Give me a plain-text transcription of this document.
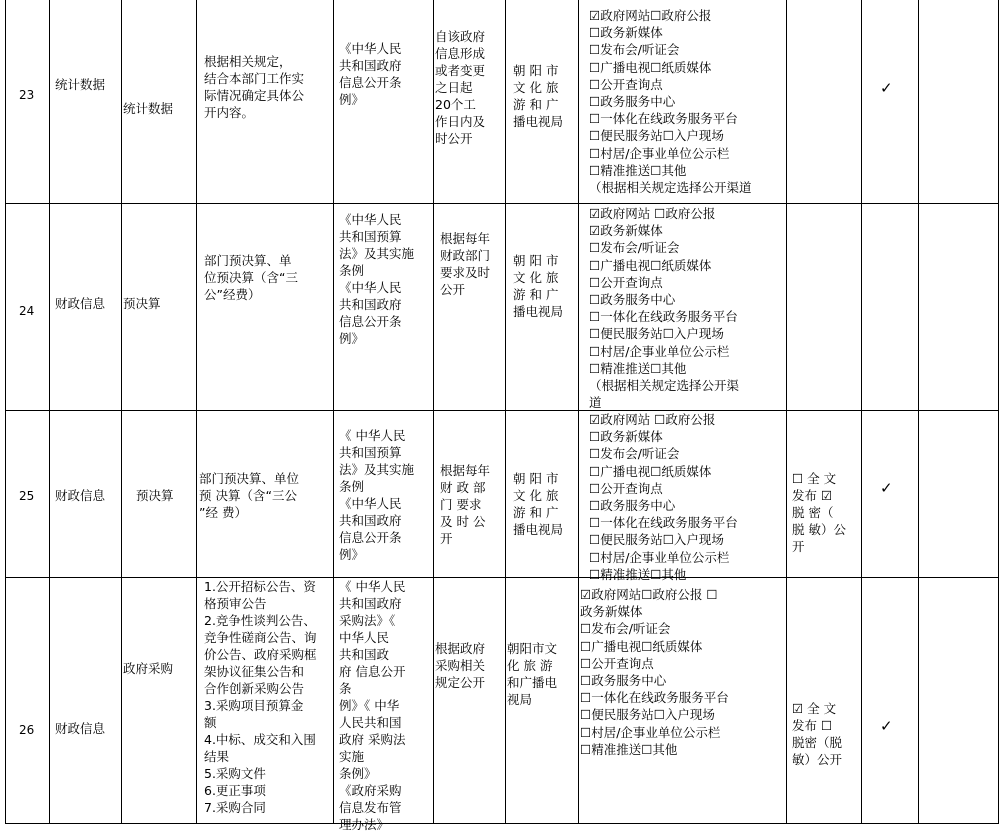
23
统计数据
统计数据
根据相关规定，
结合本部门工作实
际情况确定具体公
开内容。
《中华人民
共和国政府
信息公开条
例》
自该政府
信息形成
或者变更
之日起
20个工
作日内及
时公开
朝 阳 市
文 化 旅
游 和 广
播电视局
☑政府网站☐政府公报
☐政务新媒体
☐发布会/听证会
☐广播电视☐纸质媒体
☐公开查询点
☐政务服务中心
☐一体化在线政务服务平台
☐便民服务站☐入户现场
☐村居/企事业单位公示栏
☐精准推送☐其他
（根据相关规定选择公开渠道
✓
24 财政信息 预决算
部门预决算、单
位预决算（含“三
公”经费）
《中华人民
共和国预算
法》及其实施
条例
《中华人民
共和国政府
信息公开条
例》
根据每年
财政部门
要求及时
公开
朝 阳 市
文 化 旅
游 和 广
播电视局
☑政府网站 ☐政府公报
☑政务新媒体
☐发布会/听证会
☐广播电视☐纸质媒体
☐公开查询点
☐政务服务中心
☐一体化在线政务服务平台
☐便民服务站☐入户现场
☐村居/企事业单位公示栏
☐精准推送☐其他
（根据相关规定选择公开渠
道
25 财政信息 预决算
部门预决算、单位
预 决算（含“三公
”经 费）
《 中华人民
共和国预算
法》及其实施
条例
《中华人民
共和国政府
信息公开条
例》
根据每年
财 政 部
门 要求
及 时 公
开
朝 阳 市
文 化 旅
游 和 广
播电视局
☑政府网站 ☐政府公报
☐政务新媒体
☐发布会/听证会
☐广播电视☐纸质媒体
☐公开查询点
☐政务服务中心
☐一体化在线政务服务平台
☐便民服务站☐入户现场
☐村居/企事业单位公示栏
☐精准推送☐其他
☐ 全 文
发布 ☑
脱 密（
脱 敏）公
开
✓
26 财政信息
政府采购
1.公开招标公告、资
格预审公告
2.竞争性谈判公告、
竞争性磋商公告、询
价公告、政府采购框
架协议征集公告和
合作创新采购公告
3.采购项目预算金
额
4.中标、成交和入围
结果
5.采购文件
6.更正事项
7.采购合同
《 中华人民
共和国政府
采购法》《
中华人民
共和国政
府 信息公开
条
例》《 中华
人民共和国
政府 采购法
实施
条例》
《政府采购
信息发布管
理办法》
根据政府
采购相关
规定公开
朝阳市文
化 旅 游
和广播电
视局
☑政府网站☐政府公报 ☐
政务新媒体
☐发布会/听证会
☐广播电视☐纸质媒体
☐公开查询点
☐政务服务中心
☐一体化在线政务服务平台
☐便民服务站☐入户现场
☐村居/企事业单位公示栏
☐精准推送☐其他
☑ 全 文
发布 ☐
脱密（脱
敏）公开
✓
